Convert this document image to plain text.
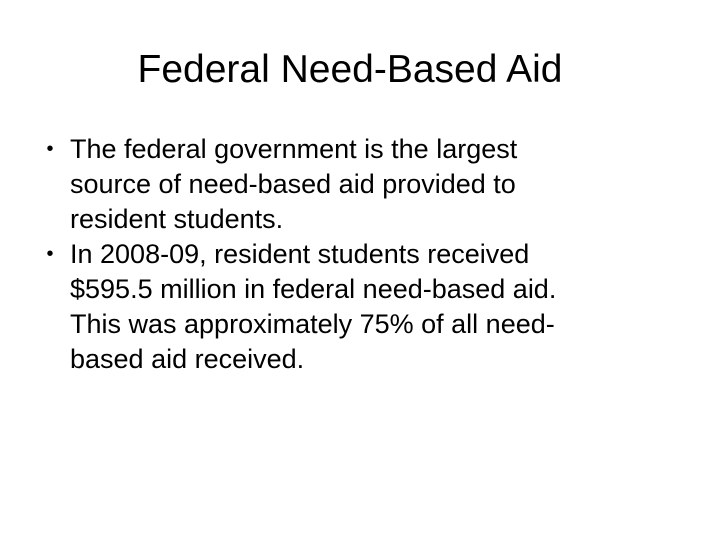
Federal Need-Based Aid
• The federal government is the largest
source of need-based aid provided to
resident students.
• In 2008-09, resident students received
$595.5 million in federal need-based aid.
This was approximately 75% of all need-
based aid received.
